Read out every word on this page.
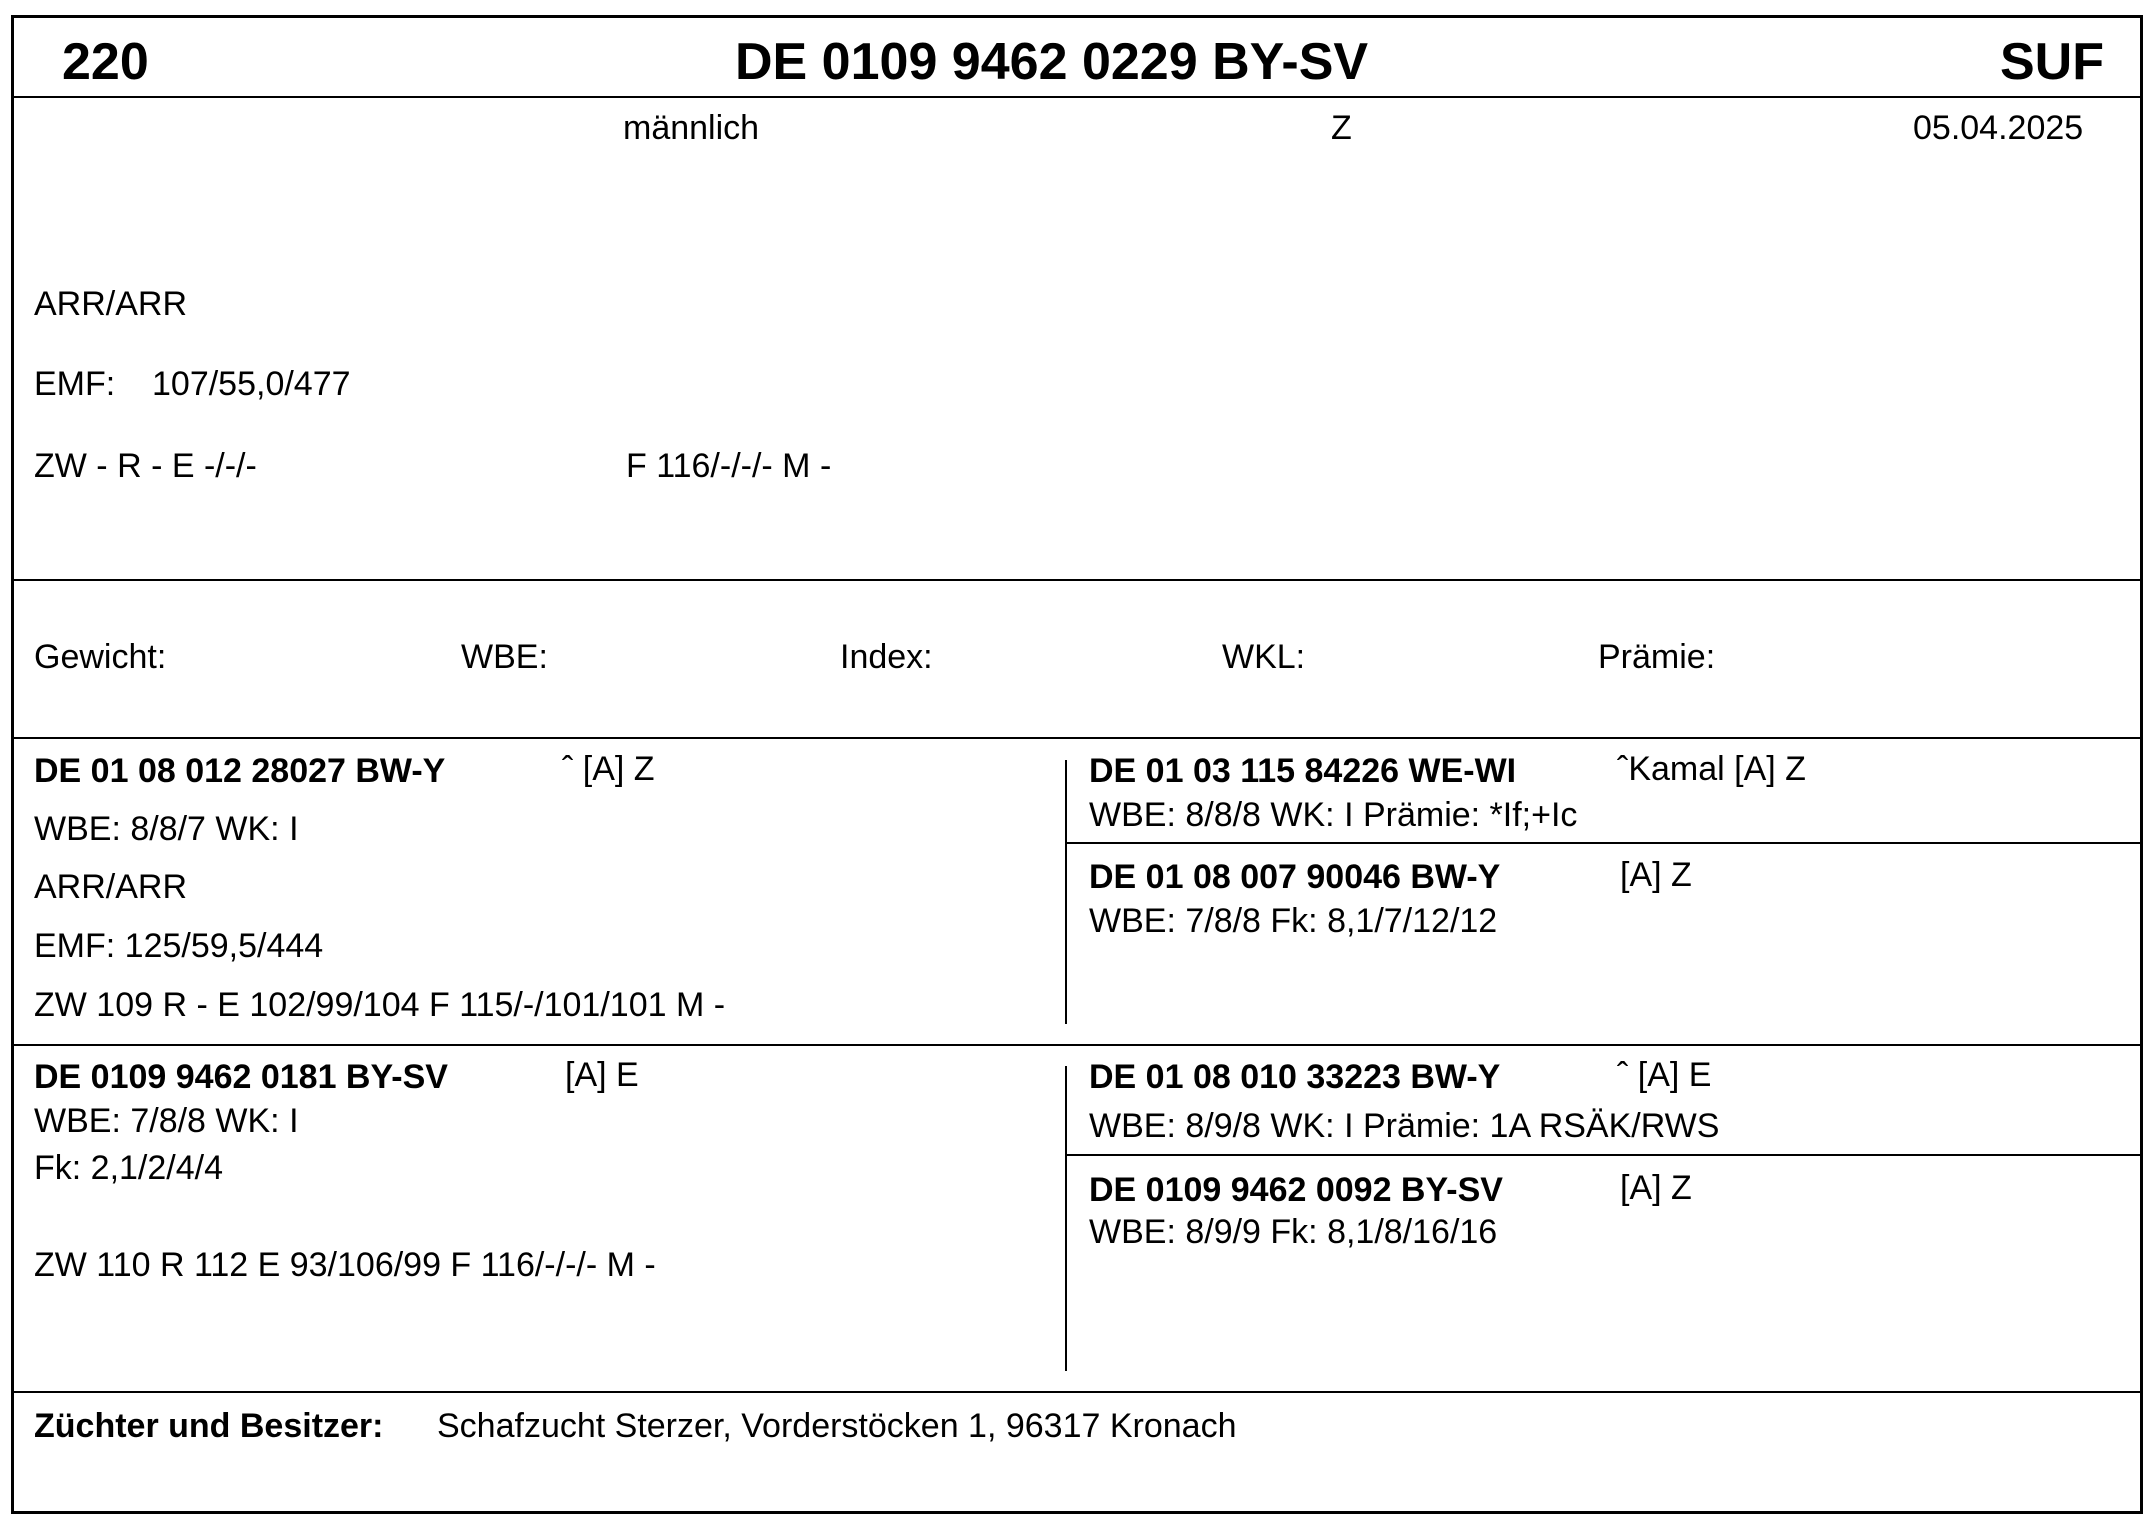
220	DE 0109 9462 0229 BY-SV	SUF
männlich	Z	05.04.2025
ARR/ARR
EMF: 107/55,0/477
ZW - R - E -/-/-	F 116/-/-/- M -
Gewicht:	WBE:	Index:	WKL:	Prämie:
DE 01 08 012 28027 BW-Y	ˆ [A] Z
WBE: 8/8/7 WK: I
ARR/ARR
EMF: 125/59,5/444
ZW 109 R - E 102/99/104 F 115/-/101/101 M -
DE 01 03 115 84226 WE-WI	ˆKamal [A] Z
WBE: 8/8/8 WK: I Prämie: *If;+Ic
DE 01 08 007 90046 BW-Y	[A] Z
WBE: 7/8/8 Fk: 8,1/7/12/12
DE 0109 9462 0181 BY-SV	[A] E
WBE: 7/8/8 WK: I
Fk: 2,1/2/4/4
ZW 110 R 112 E 93/106/99 F 116/-/-/- M -
DE 01 08 010 33223 BW-Y	ˆ [A] E
WBE: 8/9/8 WK: I Prämie: 1A RSÄK/RWS
DE 0109 9462 0092 BY-SV	[A] Z
WBE: 8/9/9 Fk: 8,1/8/16/16
Züchter und Besitzer: Schafzucht Sterzer, Vorderstöcken 1, 96317 Kronach
